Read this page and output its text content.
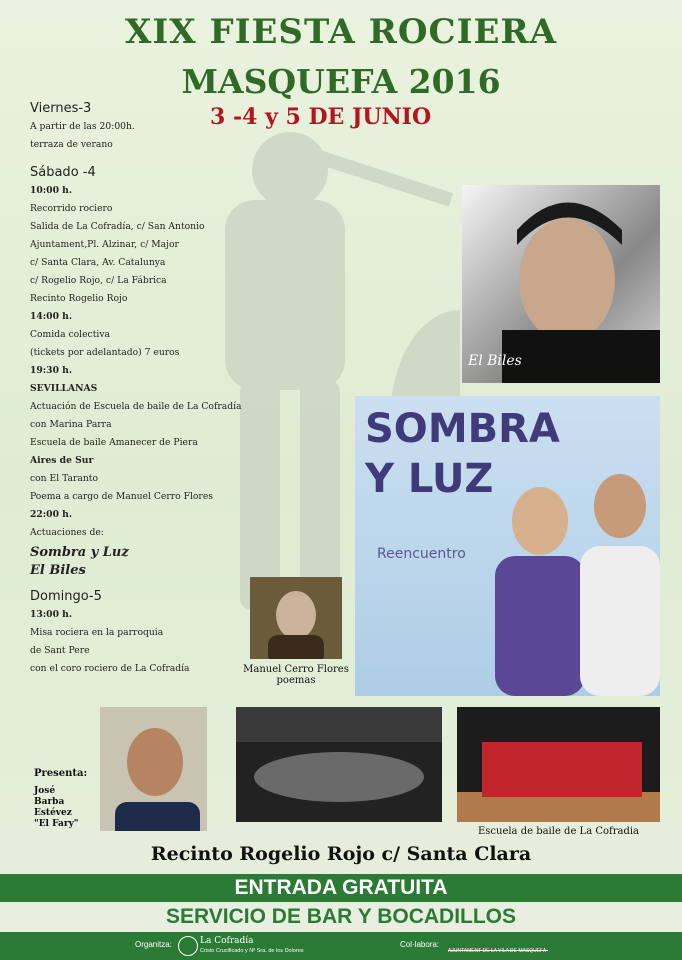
XIX FIESTA ROCIERA
MASQUEFA 2016
3 -4 y 5 DE JUNIO
Viernes-3
A partir de las 20:00h.
terraza de verano
Sábado -4
10:00 h.
Recorrido rociero
Salida de La Cofradía, c/ San Antonio
Ajuntament,Pl. Alzinar, c/ Major
c/ Santa Clara, Av. Catalunya
c/ Rogelio Rojo, c/ La Fábrica
Recinto Rogelio Rojo
14:00 h.
Comida colectiva
(tickets por adelantado) 7 euros
19:30 h.
SEVILLANAS
Actuación de Escuela de baile de La Cofradía
con Marina Parra
Escuela de baile Amanecer de Piera
Aires de Sur
con El Taranto
Poema a cargo de Manuel Cerro Flores
22:00 h.
Actuaciones de:
Sombra y Luz
El Biles
Domingo-5
13:00 h.
Misa rociera en la parroquia
de Sant Pere
con el coro rociero de La Cofradía
El Biles
SOMBRA
Y LUZ
Reencuentro
Manuel Cerro Flores
poemas
Presenta:
José
Barba
Estévez
"El Fary"
Escuela de baile de La Cofradia
Recinto Rogelio Rojo c/ Santa Clara
ENTRADA GRATUITA
SERVICIO DE BAR Y BOCADILLOS
Organitza:	La Cofradía
Cristo Crucificado y Nª Sra. de los Dolores
Col·labora:
AJUNTAMENT DE LA VILA DE MASQUEFA
